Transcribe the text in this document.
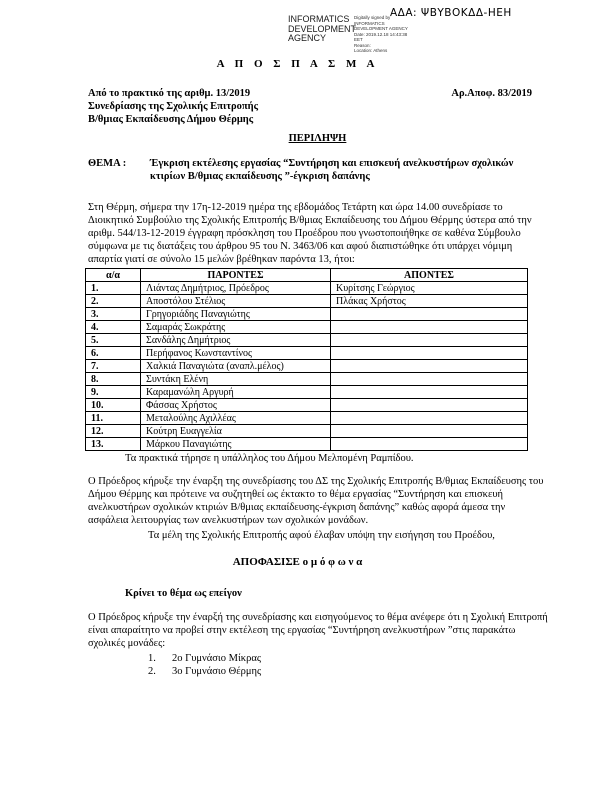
ΑΔΑ: ΨΒΥΒΟΚΔΔ-ΗΕΗ
INFORMATICS DEVELOPMENT AGENCY
Digitally signed by
INFORMATICS
DEVELOPMENT AGENCY
Date: 2019.12.18 14:43:38
EET
Reason:
Location: Athens
Α Π Ο Σ Π Α Σ Μ Α
Από το πρακτικό της αριθμ. 13/2019	Αρ.Αποφ. 83/2019
Συνεδρίασης της Σχολικής Επιτροπής
Β/θμιας Εκπαίδευσης Δήμου Θέρμης
ΠΕΡΙΛΗΨΗ
ΘΕΜΑ :	Έγκριση εκτέλεσης εργασίας “Συντήρηση και επισκευή ανελκυστήρων σχολικών κτιρίων Β/θμιας εκπαίδευσης ”-έγκριση δαπάνης
Στη Θέρμη, σήμερα την 17η-12-2019 ημέρα της εβδομάδος Τετάρτη και ώρα 14.00 συνεδρίασε το Διοικητικό Συμβούλιο της Σχολικής Επιτροπής Β/θμιας Εκπαίδευσης του Δήμου Θέρμης ύστερα από την αριθμ. 544/13-12-2019 έγγραφη πρόσκληση του Προέδρου που γνωστοποιήθηκε σε καθένα Σύμβουλο σύμφωνα με τις διατάξεις του άρθρου 95 του Ν. 3463/06 και αφού διαπιστώθηκε ότι υπάρχει νόμιμη απαρτία γιατί σε σύνολο 15 μελών βρέθηκαν παρόντα 13, ήτοι:
α/α	ΠΑΡΟΝΤΕΣ	ΑΠΟΝΤΕΣ
1.	Λιάντας Δημήτριος, Πρόεδρος	Κυρίτσης Γεώργιος
2.	Αποστόλου Στέλιος	Πλάκας Χρήστος
3.	Γρηγοριάδης Παναγιώτης	
4.	Σαμαράς Σωκράτης	
5.	Σανδάλης Δημήτριος	
6.	Περήφανος Κωνσταντίνος	
7.	Χαλκιά Παναγιώτα (αναπλ.μέλος)	
8.	Συντάκη Ελένη	
9.	Καραμανώλη Αργυρή	
10.	Φάσσας Χρήστος	
11.	Μεταλούλης Αχιλλέας	
12.	Κούτρη Ευαγγελία	
13.	Μάρκου Παναγιώτης	
Τα πρακτικά τήρησε η υπάλληλος του Δήμου Μελπομένη Ραμπίδου.
Ο Πρόεδρος κήρυξε την έναρξη της συνεδρίασης του ΔΣ της Σχολικής Επιτροπής Β/θμιας Εκπαίδευσης του Δήμου Θέρμης και πρότεινε να συζητηθεί ως έκτακτο το θέμα εργασίας “Συντήρηση και επισκευή ανελκυστήρων σχολικών κτιριών Β/θμιας εκπαίδευσης-έγκριση δαπάνης” καθώς αφορά άμεσα την ασφάλεια λειτουργίας των ανελκυστήρων των σχολικών μονάδων.
Τα μέλη της Σχολικής Επιτροπής αφού έλαβαν υπόψη την εισήγηση του Προέδου,
ΑΠΟΦΑΣΙΣΕ ο μ ό φ ω ν α
Κρίνει το θέμα ως επείγον
Ο Πρόεδρος κήρυξε την έναρξή της συνεδρίασης και εισηγούμενος το θέμα ανέφερε ότι η Σχολική Επιτροπή είναι απαραίτητο να προβεί στην εκτέλεση της εργασίας “Συντήρηση ανελκυστήρων ”στις παρακάτω σχολικές μονάδες:
1.	2ο Γυμνάσιο Μίκρας
2.	3ο Γυμνάσιο Θέρμης
